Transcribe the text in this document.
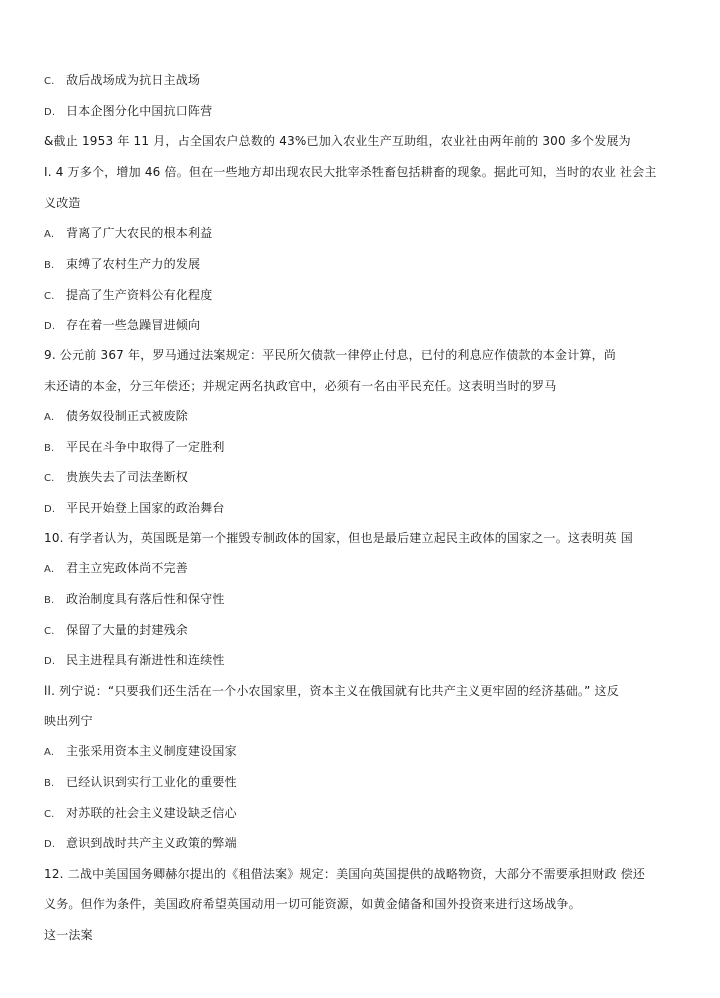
C. 敌后战场成为抗日主战场
D. 日本企图分化中国抗口阵营
&截止 1953 年 11 月，占全国农户总数的 43%已加入农业生产互助组，农业社由两年前的 300 多个发展为
I. 4 万多个，增加 46 倍。但在一些地方却出现农民大批宰杀牲畜包括耕畜的现象。据此可知，当时的农业 社会主
义改造
A. 背离了广大农民的根本利益
B. 束缚了农村生产力的发展
C. 提高了生产资料公有化程度
D. 存在着一些急躁冒进倾向
9. 公元前 367 年，罗马通过法案规定：平民所欠债款一律停止付息，已付的利息应作债款的本金计算，尚
未还请的本金，分三年偿还；并规定两名执政官中，必须有一名由平民充任。这表明当时的罗马
A. 债务奴役制正式被废除
B. 平民在斗争中取得了一定胜利
C. 贵族失去了司法垄断权
D. 平民开始登上国家的政治舞台
10. 有学者认为，英国既是第一个摧毁专制政体的国家，但也是最后建立起民主政体的国家之一。这表明英 国
A. 君主立宪政体尚不完善
B. 政治制度具有落后性和保守性
C. 保留了大量的封建残余
D. 民主进程具有渐进性和连续性
ll. 列宁说：“只要我们还生活在一个小农国家里，资本主义在俄国就有比共产主义更牢固的经济基础。” 这反
映出列宁
A. 主张采用资本主义制度建设国家
B. 已经认识到实行工业化的重要性
C. 对苏联的社会主义建设缺乏信心
D. 意识到战时共产主义政策的弊端
12. 二战中美国国务卿赫尔提出的《租借法案》规定：美国向英国提供的战略物资，大部分不需要承担财政 偿还
义务。但作为条件，美国政府希望英国动用一切可能资源，如黄金储备和国外投资来进行这场战争。
这一法案
